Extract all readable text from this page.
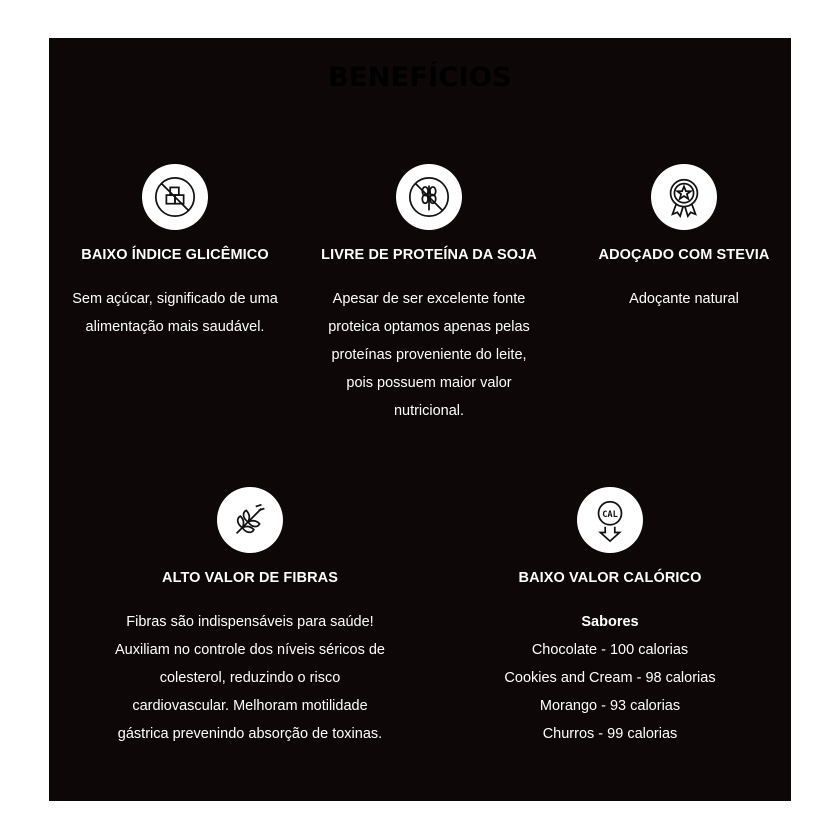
BENEFÍCIOS
BAIXO ÍNDICE GLICÊMICO

Sem açúcar, significado de uma

alimentação mais saudável.

LIVRE DE PROTEÍNA DA SOJA

Apesar de ser excelente fonte

proteica optamos apenas pelas

proteínas proveniente do leite,

pois possuem maior valor

nutricional.

ADOÇADO COM STEVIA

Adoçante natural

ALTO VALOR DE FIBRAS

Fibras são indispensáveis para saúde!

Auxiliam no controle dos níveis séricos de

colesterol, reduzindo o risco

cardiovascular. Melhoram motilidade

gástrica prevenindo absorção de toxinas.

CAL
BAIXO VALOR CALÓRICO

Sabores

Chocolate - 100 calorias

Cookies and Cream - 98 calorias

Morango - 93 calorias

Churros - 99 calorias
